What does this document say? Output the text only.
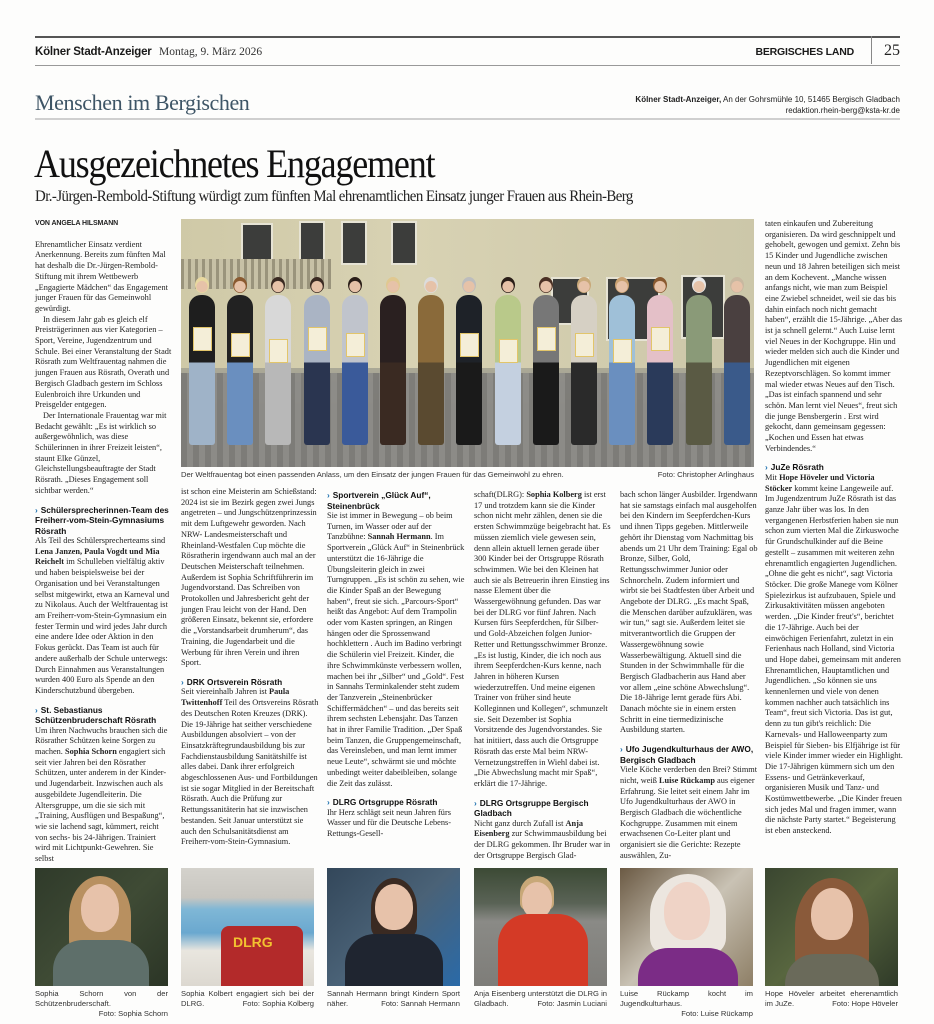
Kölner Stadt-Anzeiger Montag, 9. März 2026	BERGISCHES LAND 25
Menschen im Bergischen	Kölner Stadt-Anzeiger, An der Gohrsmühle 10, 51465 Bergisch Gladbach
redaktion.rhein-berg@ksta-kr.de
Ausgezeichnetes Engagement
Dr.-Jürgen-Rembold-Stiftung würdigt zum fünften Mal ehrenamtlichen Einsatz junger Frauen aus Rhein-Berg

VON ANGELA HILSMANN

Ehrenamtlicher Einsatz verdient Anerkennung. Bereits zum fünften Mal hat deshalb die Dr.-Jürgen-Rembold-Stiftung mit ihrem Wettbewerb „Engagierte Mädchen“ das Engagement junger Frauen für das Gemeinwohl gewürdigt.

In diesem Jahr gab es gleich elf Preisträgerinnen aus vier Kategorien – Sport, Vereine, Jugendzentrum und Schule. Bei einer Veranstaltung der Stadt Rösrath zum Weltfrauentag nahmen die jungen Frauen aus Rösrath, Overath und Bergisch Gladbach gestern im Schloss Eulenbroich ihre Urkunden und Preisgelder entgegen.

Der Internationale Frauentag war mit Bedacht gewählt: „Es ist wirklich so außergewöhnlich, was diese Schülerinnen in ihrer Freizeit leisten“, staunt Elke Günzel, Gleichstellungsbeauftragte der Stadt Rösrath. „Dieses Engagement soll sichtbar werden.“

› Schülersprecherinnen-Team des Freiherr-vom-Stein-Gymnasiums Rösrath

Als Teil des Schülersprecherteams sind Lena Janzen, Paula Vogdt und Mia Reichelt im Schulleben vielfältig aktiv und haben beispielsweise bei der Organisation und bei Veranstaltungen selbst mitgewirkt, etwa an Karneval und zu Nikolaus. Auch der Weltfrauentag ist am Freiherr-vom-Stein-Gymnasium ein fester Termin und wird jedes Jahr durch eine andere Idee oder Aktion in den Fokus gerückt. Das Team ist auch für andere außerhalb der Schule unterwegs: Durch Einnahmen aus Veranstaltungen wurden 400 Euro als Spende an den Kinderschutzbund übergeben.

› St. Sebastianus Schützenbruderschaft Rösrath

Um ihren Nachwuchs brauchen sich die Rösrather Schützen keine Sorgen zu machen. Sophia Schorn engagiert sich seit vier Jahren bei den Rösrather Schützen, unter anderem in der Kinder- und Jugendarbeit. Inzwischen auch als ausgebildete Jugendleiterin. Die Altersgruppe, um die sie sich mit „Training, Ausflügen und Bespaßung“, wie sie lachend sagt, kümmert, reicht von sechs- bis 24-Jährigen. Trainiert wird mit Lichtpunkt-Gewehren. Sie selbst

Der Weltfrauentag bot einen passenden Anlass, um den Einsatz der jungen Frauen für das Gemeinwohl zu ehren.	Foto: Christopher Arlinghaus

ist schon eine Meisterin am Schießstand: 2024 ist sie im Bezirk gegen zwei Jungs angetreten – und Jungschützenprinzessin mit dem Luftgewehr geworden. Nach NRW- Landesmeisterschaft und Rheinland-Westfalen Cup möchte die Rösratherin irgendwann auch mal an der Deutschen Meisterschaft teilnehmen. Außerdem ist Sophia Schriftführerin im Jugendvorstand. Das Schreiben von Protokollen und Jahresbericht geht der jungen Frau leicht von der Hand. Den größeren Einsatz, bekennt sie, erfordere die „Vorstandsarbeit drumherum“, das Training, die Jugendarbeit und die Werbung für ihren Verein und ihren Sport.

› DRK Ortsverein Rösrath

Seit viereinhalb Jahren ist Paula Twittenhoff Teil des Ortsvereins Rösrath des Deutschen Roten Kreuzes (DRK). Die 19-Jährige hat seither verschiedene Ausbildungen absolviert – von der Einsatzkräftegrundausbildung bis zur Fachdienstausbildung Sanitätshilfe ist alles dabei. Dank ihrer erfolgreich abgeschlossenen Aus- und Fortbildungen ist sie sogar Mitglied in der Bereitschaft Rösrath. Auch die Prüfung zur Rettungssanitäterin hat sie inzwischen bestanden. Seit Januar unterstützt sie auch den Schulsanitätsdienst am Freiherr-vom-Stein-Gymnasium.

› Sportverein „Glück Auf“, Steinenbrück

Sie ist immer in Bewegung – ob beim Turnen, im Wasser oder auf der Tanzbühne: Sannah Hermann. Im Sportverein „Glück Auf“ in Steinenbrück unterstützt die 16-Jährige die Übungsleiterin gleich in zwei Turngruppen. „Es ist schön zu sehen, wie die Kinder Spaß an der Bewegung haben“, freut sie sich. „Parcours-Sport“ heißt das Angebot: Auf dem Trampolin oder vom Kasten springen, an Ringen hängen oder die Sprossenwand hochklettern . Auch im Badino verbringt die Schülerin viel Freizeit. Kinder, die ihre Schwimmkünste verbessern wollen, machen bei ihr „Silber“ und „Gold“. Fest in Sannahs Terminkalender steht zudem der Tanzverein „Steinenbrücker Schiffermädchen“ – und das bereits seit ihrem sechsten Lebensjahr. Das Tanzen hat in ihrer Familie Tradition. „Der Spaß beim Tanzen, die Gruppengemeinschaft, das Vereinsleben, und man lernt immer neue Leute“, schwärmt sie und möchte unbedingt weiter dabeibleiben, solange die Zeit das zulässt.

› DLRG Ortsgruppe Rösrath

Ihr Herz schlägt seit neun Jahren fürs Wasser und für die Deutsche Lebens-Rettungs-Gesell-

schaft(DLRG): Sophia Kolberg ist erst 17 und trotzdem kann sie die Kinder schon nicht mehr zählen, denen sie die ersten Schwimmzüge beigebracht hat. Es müssen ziemlich viele gewesen sein, denn allein aktuell lernen gerade über 300 Kinder bei der Ortsgruppe Rösrath schwimmen. Wie bei den Kleinen hat auch sie als Betreuerin ihren Einstieg ins nasse Element über die Wassergewöhnung gefunden. Das war bei der DLRG vor fünf Jahren. Nach Kursen fürs Seepferdchen, für Silber- und Gold-Abzeichen folgen Junior-Retter und Rettungsschwimmer Bronze. „Es ist lustig, Kinder, die ich noch aus ihrem Seepferdchen-Kurs kenne, nach Jahren in höheren Kursen wiederzutreffen. Und meine eigenen Trainer von früher sind heute Kolleginnen und Kollegen“, schmunzelt sie. Seit Dezember ist Sophia Vorsitzende des Jugendvorstandes. Sie hat initiiert, dass auch die Ortsgruppe Rösrath das erste Mal beim NRW-Vernetzungstreffen in Wiehl dabei ist. „Die Abwechslung macht mir Spaß“, erklärt die 17-Jährige.

› DLRG Ortsgruppe Bergisch Gladbach

Nicht ganz durch Zufall ist Anja Eisenberg zur Schwimmausbildung bei der DLRG gekommen. Ihr Bruder war in der Ortsgruppe Bergisch Glad-

bach schon länger Ausbilder. Irgendwann hat sie samstags einfach mal ausgeholfen bei den Kindern im Seepferdchen-Kurs und ihnen Tipps gegeben. Mittlerweile gehört ihr Dienstag vom Nachmittag bis abends um 21 Uhr dem Training: Egal ob Bronze, Silber, Gold, Rettungsschwimmer Junior oder Schnorcheln. Zudem informiert und wirbt sie bei Stadtfesten über Arbeit und Angebote der DLRG. „Es macht Spaß, die Menschen darüber aufzuklären, was wir tun,“ sagt sie. Außerdem leitet sie mitverantwortlich die Gruppen der Wassergewöhnung sowie Wasserbewältigung. Aktuell sind die Stunden in der Schwimmhalle für die Bergisch Gladbacherin aus Hand aber vor allem „eine schöne Abwechslung“. Die 18-Jährige lernt gerade fürs Abi. Danach möchte sie in einem ersten Schritt in eine tiermedizinische Ausbildung starten.

› Ufo Jugendkulturhaus der AWO, Bergisch Gladbach

Viele Köche verderben den Brei? Stimmt nicht, weiß Luise Rückamp aus eigener Erfahrung. Sie leitet seit einem Jahr im Ufo Jugendkulturhaus der AWO in Bergisch Gladbach die wöchentliche Kochgruppe. Zusammen mit einem erwachsenen Co-Leiter plant und organisiert sie die Gerichte: Rezepte auswählen, Zu-

taten einkaufen und Zubereitung organisieren. Da wird geschnippelt und gehobelt, gewogen und gemixt. Zehn bis 15 Kinder und Jugendliche zwischen neun und 18 Jahren beteiligen sich meist an dem Kochevent. „Manche wissen anfangs nicht, wie man zum Beispiel eine Zwiebel schneidet, weil sie das bis dahin einfach noch nicht gemacht haben“, erzählt die 15-Jährige. „Aber das ist ja schnell gelernt.“ Auch Luise lernt viel Neues in der Kochgruppe. Hin und wieder melden sich auch die Kinder und Jugendlichen mit eigenen Rezeptvorschlägen. So kommt immer mal wieder etwas Neues auf den Tisch. „Das ist einfach spannend und sehr schön. Man lernt viel Neues“, freut sich die junge Bensbergerin . Erst wird gekocht, dann gemeinsam gegessen: „Kochen und Essen hat etwas Verbindendes.“

› JuZe Rösrath

Mit Hope Höveler und Victoria Stöcker kommt keine Langeweile auf. Im Jugendzentrum JuZe Rösrath ist das ganze Jahr über was los. In den vergangenen Herbstferien haben sie nun schon zum vierten Mal die Zirkuswoche für Grundschulkinder auf die Beine gestellt – zusammen mit weiteren zehn ehrenamtlich engagierten Jugendlichen. „Ohne die geht es nicht“, sagt Victoria Stöcker. Die große Manege vom Kölner Spielezirkus ist aufzubauen, Spiele und Zirkusaktivitäten müssen angeboten werden. „Die Kinder freut's“, berichtet die 17-Jährige. Auch bei der einwöchigen Ferienfahrt, zuletzt in ein Ferienhaus nach Holland, sind Victoria und Hope dabei, gemeinsam mit anderen Ehrenamtlichen, Hauptamtlichen und Jugendlichen. „So können sie uns kennenlernen und viele von denen kommen nachher auch tatsächlich ins Team“, freut sich Victoria. Das ist gut, denn zu tun gibt's reichlich: Die Karnevals- und Halloweenparty zum Beispiel für Sieben- bis Elfjährige ist für viele Kinder immer wieder ein Highlight. Die 17-Jährigen kümmern sich um den Essens- und Getränkeverkauf, organisieren Musik und Tanz- und Kostümwettbewerbe. „Die Kinder freuen sich jedes Mal und fragen immer, wann die nächste Party startet.“ Begeisterung ist eben ansteckend.

DLRG
Sophia Schorn von der Schützenbruderschaft.
Foto: Sophia Schorn
Sophia Kolbert engagiert sich bei der DLRG.	Foto: Sophia Kolberg
Sannah Hermann bringt Kindern Sport näher.	Foto: Sannah Hermann
Anja Eisenberg unterstützt die DLRG in Gladbach.	Foto: Jasmin Luciani
Luise Rückamp kocht im Jugendkulturhaus.
Foto: Luise Rückamp
Hope Höveler arbeitet eherenamtlich im JuZe.	Foto: Hope Höveler
